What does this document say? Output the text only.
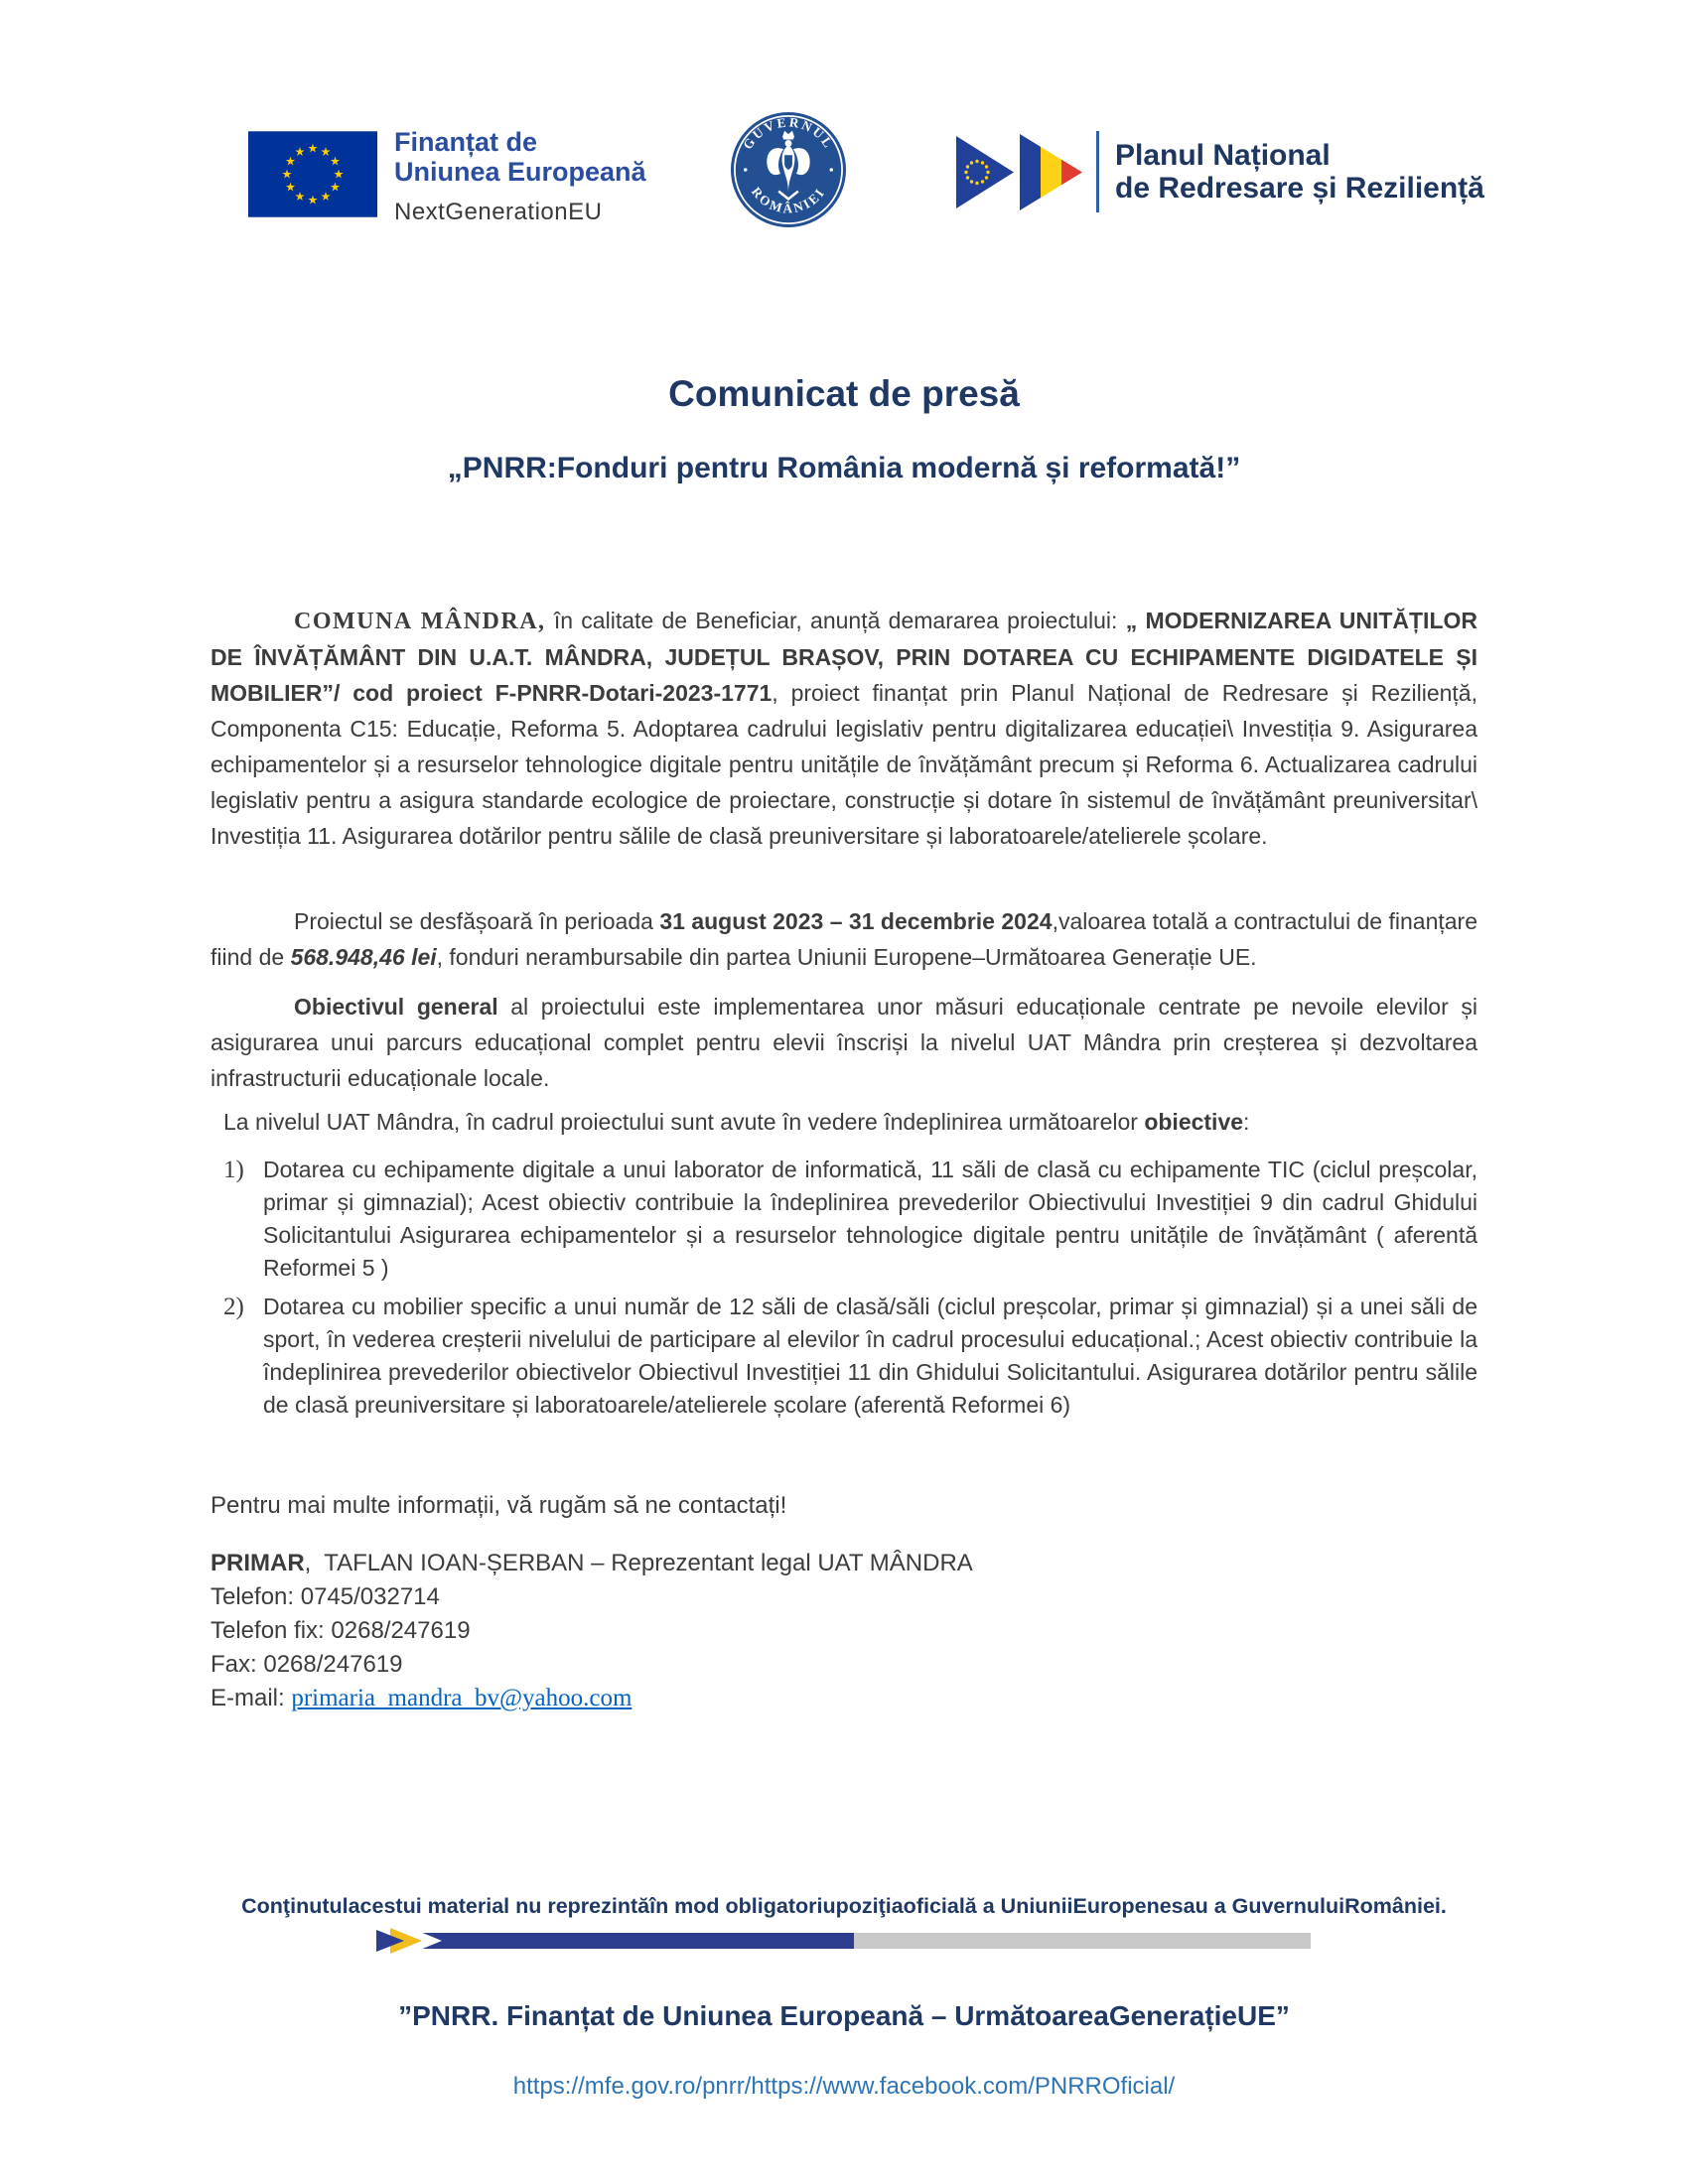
Finanțat de
Uniunea Europeană
NextGenerationEU
GUVERNUL
ROMÂNIEI
Planul Național
de Redresare și Reziliență
Comunicat de presă
„PNRR:Fonduri pentru România modernă și reformată!”

COMUNA MÂNDRA, în calitate de Beneficiar, anunță demararea proiectului: „ MODERNIZAREA UNITĂȚILOR DE ÎNVĂȚĂMÂNT DIN U.A.T. MÂNDRA, JUDEȚUL BRAȘOV, PRIN DOTAREA CU ECHIPAMENTE DIGIDATELE ȘI MOBILIER”/ cod proiect F-PNRR-Dotari-2023-1771, proiect finanțat prin Planul Național de Redresare și Reziliență, Componenta C15: Educație, Reforma 5. Adoptarea cadrului legislativ pentru digitalizarea educației\ Investiția 9. Asigurarea echipamentelor și a resurselor tehnologice digitale pentru unitățile de învățământ precum și Reforma 6. Actualizarea cadrului legislativ pentru a asigura standarde ecologice de proiectare, construcție și dotare în sistemul de învățământ preuniversitar\ Investiția 11. Asigurarea dotărilor pentru sălile de clasă preuniversitare și laboratoarele/atelierele școlare.

Proiectul se desfășoară în perioada 31 august 2023 – 31 decembrie 2024,valoarea totală a contractului de finanțare fiind de 568.948,46 lei, fonduri nerambursabile din partea Uniunii Europene–Următoarea Generație UE.

Obiectivul general al proiectului este implementarea unor măsuri educaționale centrate pe nevoile elevilor și asigurarea unui parcurs educațional complet pentru elevii înscriși la nivelul UAT Mândra prin creșterea și dezvoltarea infrastructurii educaționale locale.

La nivelul UAT Mândra, în cadrul proiectului sunt avute în vedere îndeplinirea următoarelor obiective:

1) Dotarea cu echipamente digitale a unui laborator de informatică, 11 săli de clasă cu echipamente TIC (ciclul preșcolar, primar și gimnazial); Acest obiectiv contribuie la îndeplinirea prevederilor Obiectivului Investiției 9 din cadrul Ghidului Solicitantului Asigurarea echipamentelor și a resurselor tehnologice digitale pentru unitățile de învățământ ( aferentă Reformei 5 )
2) Dotarea cu mobilier specific a unui număr de 12 săli de clasă/săli (ciclul preșcolar, primar și gimnazial) și a unei săli de sport, în vederea creșterii nivelului de participare al elevilor în cadrul procesului educațional.; Acest obiectiv contribuie la îndeplinirea prevederilor obiectivelor Obiectivul Investiției 11 din Ghidului Solicitantului. Asigurarea dotărilor pentru sălile de clasă preuniversitare și laboratoarele/atelierele școlare (aferentă Reformei 6)
Pentru mai multe informații, vă rugăm să ne contactați!
PRIMAR,  TAFLAN IOAN-ȘERBAN – Reprezentant legal UAT MÂNDRA
Telefon: 0745/032714
Telefon fix: 0268/247619
Fax: 0268/247619
E-mail: primaria_mandra_bv@yahoo.com
Conţinutulacestui material nu reprezintăîn mod obligatoriupoziţiaoficială a UniuniiEuropenesau a GuvernuluiRomâniei.
”PNRR. Finanțat de Uniunea Europeană – UrmătoareaGenerațieUE”
https://mfe.gov.ro/pnrr/https://www.facebook.com/PNRROficial/
